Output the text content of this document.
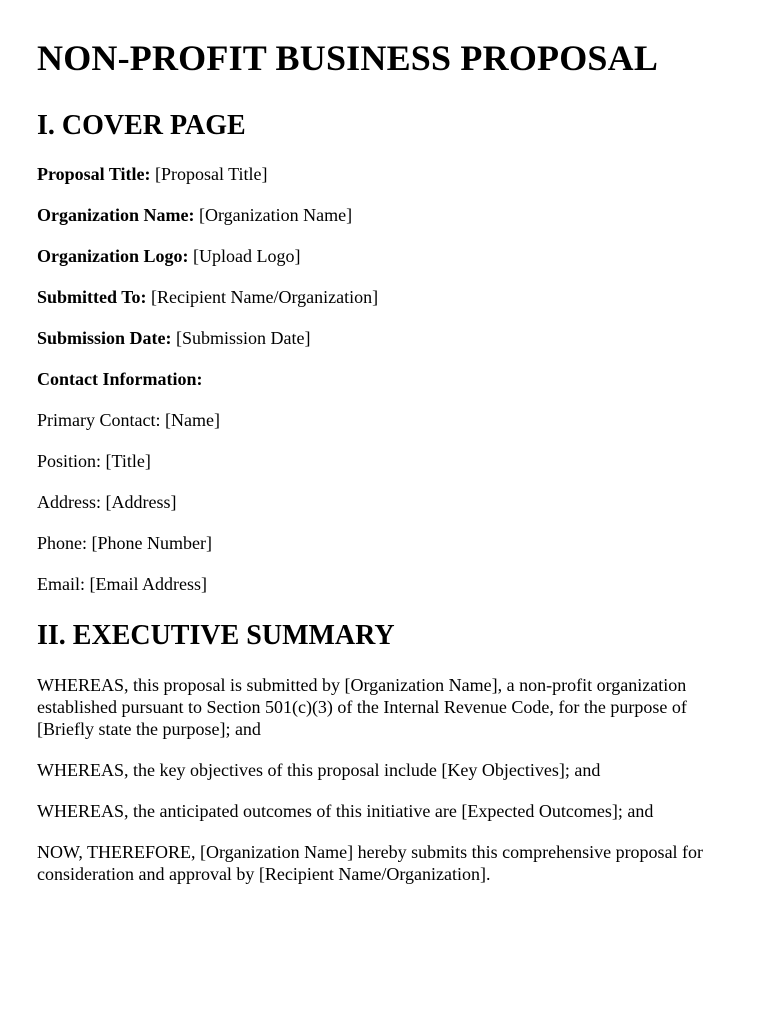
NON-PROFIT BUSINESS PROPOSAL
I. COVER PAGE

Proposal Title: [Proposal Title]

Organization Name: [Organization Name]

Organization Logo: [Upload Logo]

Submitted To: [Recipient Name/Organization]

Submission Date: [Submission Date]

Contact Information:

Primary Contact: [Name]

Position: [Title]

Address: [Address]

Phone: [Phone Number]

Email: [Email Address]

II. EXECUTIVE SUMMARY

WHEREAS, this proposal is submitted by [Organization Name], a non-profit organization established pursuant to Section 501(c)(3) of the Internal Revenue Code, for the purpose of [Briefly state the purpose]; and

WHEREAS, the key objectives of this proposal include [Key Objectives]; and

WHEREAS, the anticipated outcomes of this initiative are [Expected Outcomes]; and

NOW, THEREFORE, [Organization Name] hereby submits this comprehensive proposal for consideration and approval by [Recipient Name/Organization].
